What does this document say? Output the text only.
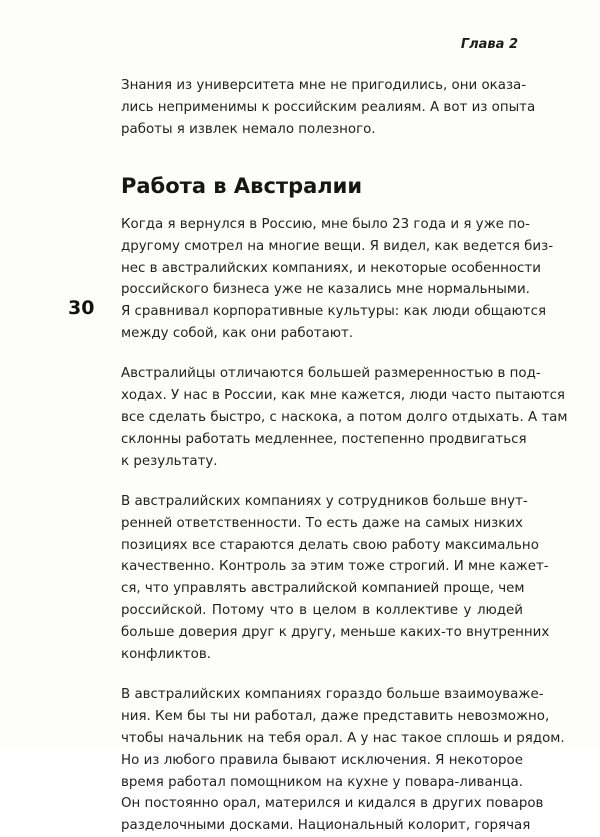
Глава 2
30

Знания из университета мне не пригодились, они оказа-
лись неприменимы к российским реалиям. А вот из опыта
работы я извлек немало полезного.

Работа в Австралии

Когда я вернулся в Россию, мне было 23 года и я уже по-
другому смотрел на многие вещи. Я видел, как ведется биз-
нес в австралийских компаниях, и некоторые особенности
российского бизнеса уже не казались мне нормальными.
Я сравнивал корпоративные культуры: как люди общаются
между собой, как они работают.

Австралийцы отличаются большей размеренностью в под-
ходах. У нас в России, как мне кажется, люди часто пытаются
все сделать быстро, с наскока, а потом долго отдыхать. А там
склонны работать медленнее, постепенно продвигаться
к результату.

В австралийских компаниях у сотрудников больше внут-
ренней ответственности. То есть даже на самых низких
позициях все стараются делать свою работу максимально
качественно. Контроль за этим тоже строгий. И мне кажет-
ся, что управлять австралийской компанией проще, чем
российской. Потому что в целом в коллективе у людей
больше доверия друг к другу, меньше каких-то внутренних
конфликтов.

В австралийских компаниях гораздо больше взаимоуваже-
ния. Кем бы ты ни работал, даже представить невозможно,
чтобы начальник на тебя орал. А у нас такое сплошь и рядом.
Но из любого правила бывают исключения. Я некоторое
время работал помощником на кухне у повара-ливанца.
Он постоянно орал, матерился и кидался в других поваров
разделочными досками. Национальный колорит, горячая
